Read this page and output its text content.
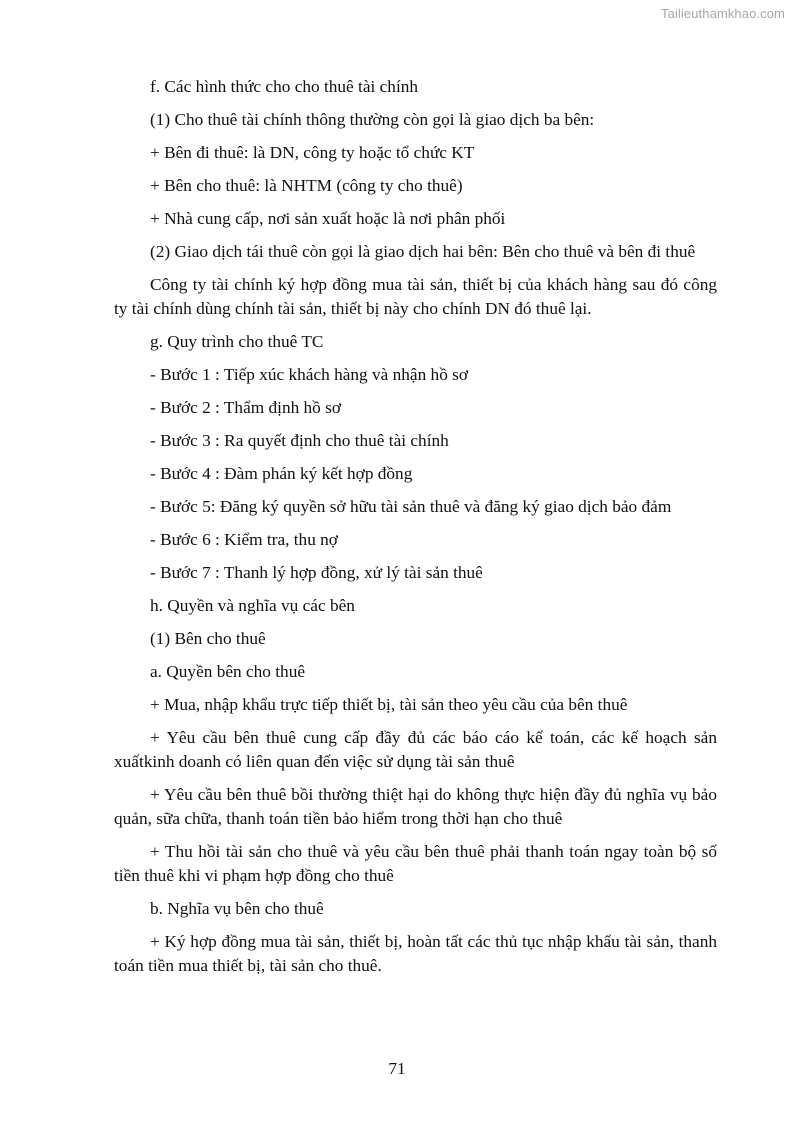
Tailieuthamkhao.com

f. Các hình thức cho cho thuê tài chính

(1) Cho thuê tài chính thông thường còn gọi là giao dịch ba bên:

+ Bên đi thuê: là DN, công ty hoặc tổ chức KT

+ Bên cho thuê: là NHTM (công ty cho thuê)

+ Nhà cung cấp, nơi sản xuất hoặc là nơi phân phối

(2) Giao dịch tái thuê còn gọi là giao dịch hai bên: Bên cho thuê và bên đi thuê

Công ty tài chính ký hợp đồng mua tài sản, thiết bị của khách hàng sau đó công ty tài chính dùng chính tài sản, thiết bị này cho chính DN đó thuê lại.

g. Quy trình cho thuê TC

- Bước 1 : Tiếp xúc khách hàng và nhận hồ sơ

- Bước 2 : Thẩm định hồ sơ

- Bước 3 : Ra quyết định cho thuê tài chính

- Bước 4 : Đàm phán ký kết hợp đồng

- Bước 5: Đăng ký quyền sở hữu tài sản thuê và đăng ký giao dịch bảo đảm

- Bước 6 : Kiểm tra, thu nợ

- Bước 7 : Thanh lý hợp đồng, xử lý tài sản thuê

h. Quyền và nghĩa vụ các bên

(1) Bên cho thuê

a. Quyền bên cho thuê

+ Mua, nhập khẩu trực tiếp thiết bị, tài sản theo yêu cầu của bên thuê

+ Yêu cầu bên thuê cung cấp đầy đủ các báo cáo kế toán, các kế hoạch sản xuấtkinh doanh có liên quan đến việc sử dụng tài sản thuê

+ Yêu cầu bên thuê bồi thường thiệt hại do không thực hiện đầy đủ nghĩa vụ bảo quản, sữa chữa, thanh toán tiền bảo hiểm trong thời hạn cho thuê

+ Thu hồi tài sản cho thuê và yêu cầu bên thuê phải thanh toán ngay toàn bộ số tiền thuê khi vi phạm hợp đồng cho thuê

b. Nghĩa vụ bên cho thuê

+ Ký hợp đồng mua tài sản, thiết bị, hoàn tất các thủ tục nhập khẩu tài sản, thanh toán tiền mua thiết bị, tài sản cho thuê.

71
